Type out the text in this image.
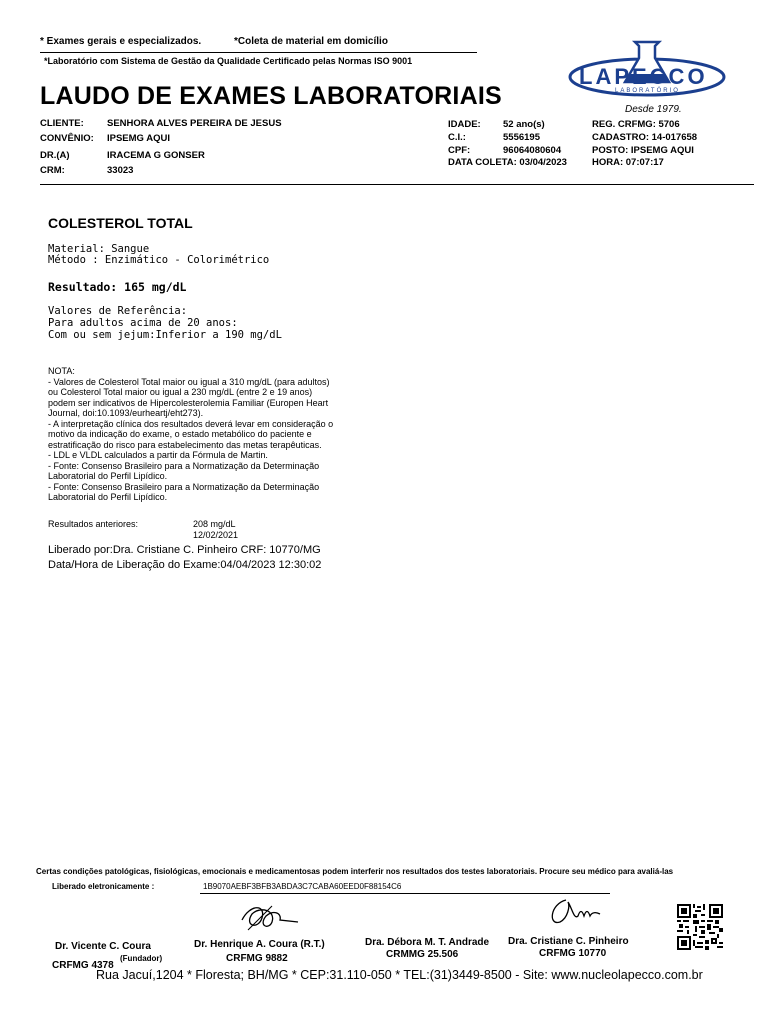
* Exames gerais e especializados.	*Coleta de material em domicílio
*Laboratório com Sistema de Gestão da Qualidade Certificado pelas Normas ISO 9001
LAUDO DE EXAMES LABORATORIAIS
LAPECCO
LABORATÓRIO
Desde 1979.
CLIENTE: SENHORA ALVES PEREIRA DE JESUS
CONVÊNIO: IPSEMG AQUI
DR.(A)	IRACEMA G GONSER
CRM:	33023
IDADE: 52 ano(s)
C.I.:	5556195
CPF:	96064080604
DATA COLETA: 03/04/2023
REG. CRFMG: 5706
CADASTRO: 14-017658
POSTO: IPSEMG AQUI
HORA: 07:07:17
COLESTEROL TOTAL
Material: Sangue
Método : Enzimático - Colorimétrico
Resultado: 165 mg/dL
Valores de Referência:
Para adultos acima de 20 anos:
Com ou sem jejum:Inferior a 190 mg/dL
NOTA:
- Valores de Colesterol Total maior ou igual a 310 mg/dL (para adultos)
ou Colesterol Total maior ou igual a 230 mg/dL (entre 2 e 19 anos)
podem ser indicativos de Hipercolesterolemia Familiar (Europen Heart
Journal, doi:10.1093/eurheartj/eht273).
- A interpretação clínica dos resultados deverá levar em consideração o
motivo da indicação do exame, o estado metabólico do paciente e
estratificação do risco para estabelecimento das metas terapêuticas.
- LDL e VLDL calculados a partir da Fórmula de Martin.
- Fonte: Consenso Brasileiro para a Normatização da Determinação
Laboratorial do Perfil Lipídico.
- Fonte: Consenso Brasileiro para a Normatização da Determinação
Laboratorial do Perfil Lipídico.
Resultados anteriores:	208 mg/dL
12/02/2021
Liberado por:Dra. Cristiane C. Pinheiro CRF: 10770/MG
Data/Hora de Liberação do Exame:04/04/2023 12:30:02
Certas condições patológicas, fisiológicas, emocionais e medicamentosas podem interferir nos resultados dos testes laboratoriais. Procure seu médico para avaliá-las
Liberado eletronicamente :	1B9070AEBF3BFB3ABDA3C7CABA60EED0F88154C6
Dr. Vicente C. Coura
CRFMG 4378
(Fundador)
Dr. Henrique A. Coura (R.T.)
CRFMG 9882
Dra. Débora M. T. Andrade
CRMMG 25.506
Dra. Cristiane C. Pinheiro
CRFMG 10770
Rua Jacuí,1204 * Floresta; BH/MG * CEP:31.110-050 * TEL:(31)3449-8500 - Site: www.nucleolapecco.com.br
